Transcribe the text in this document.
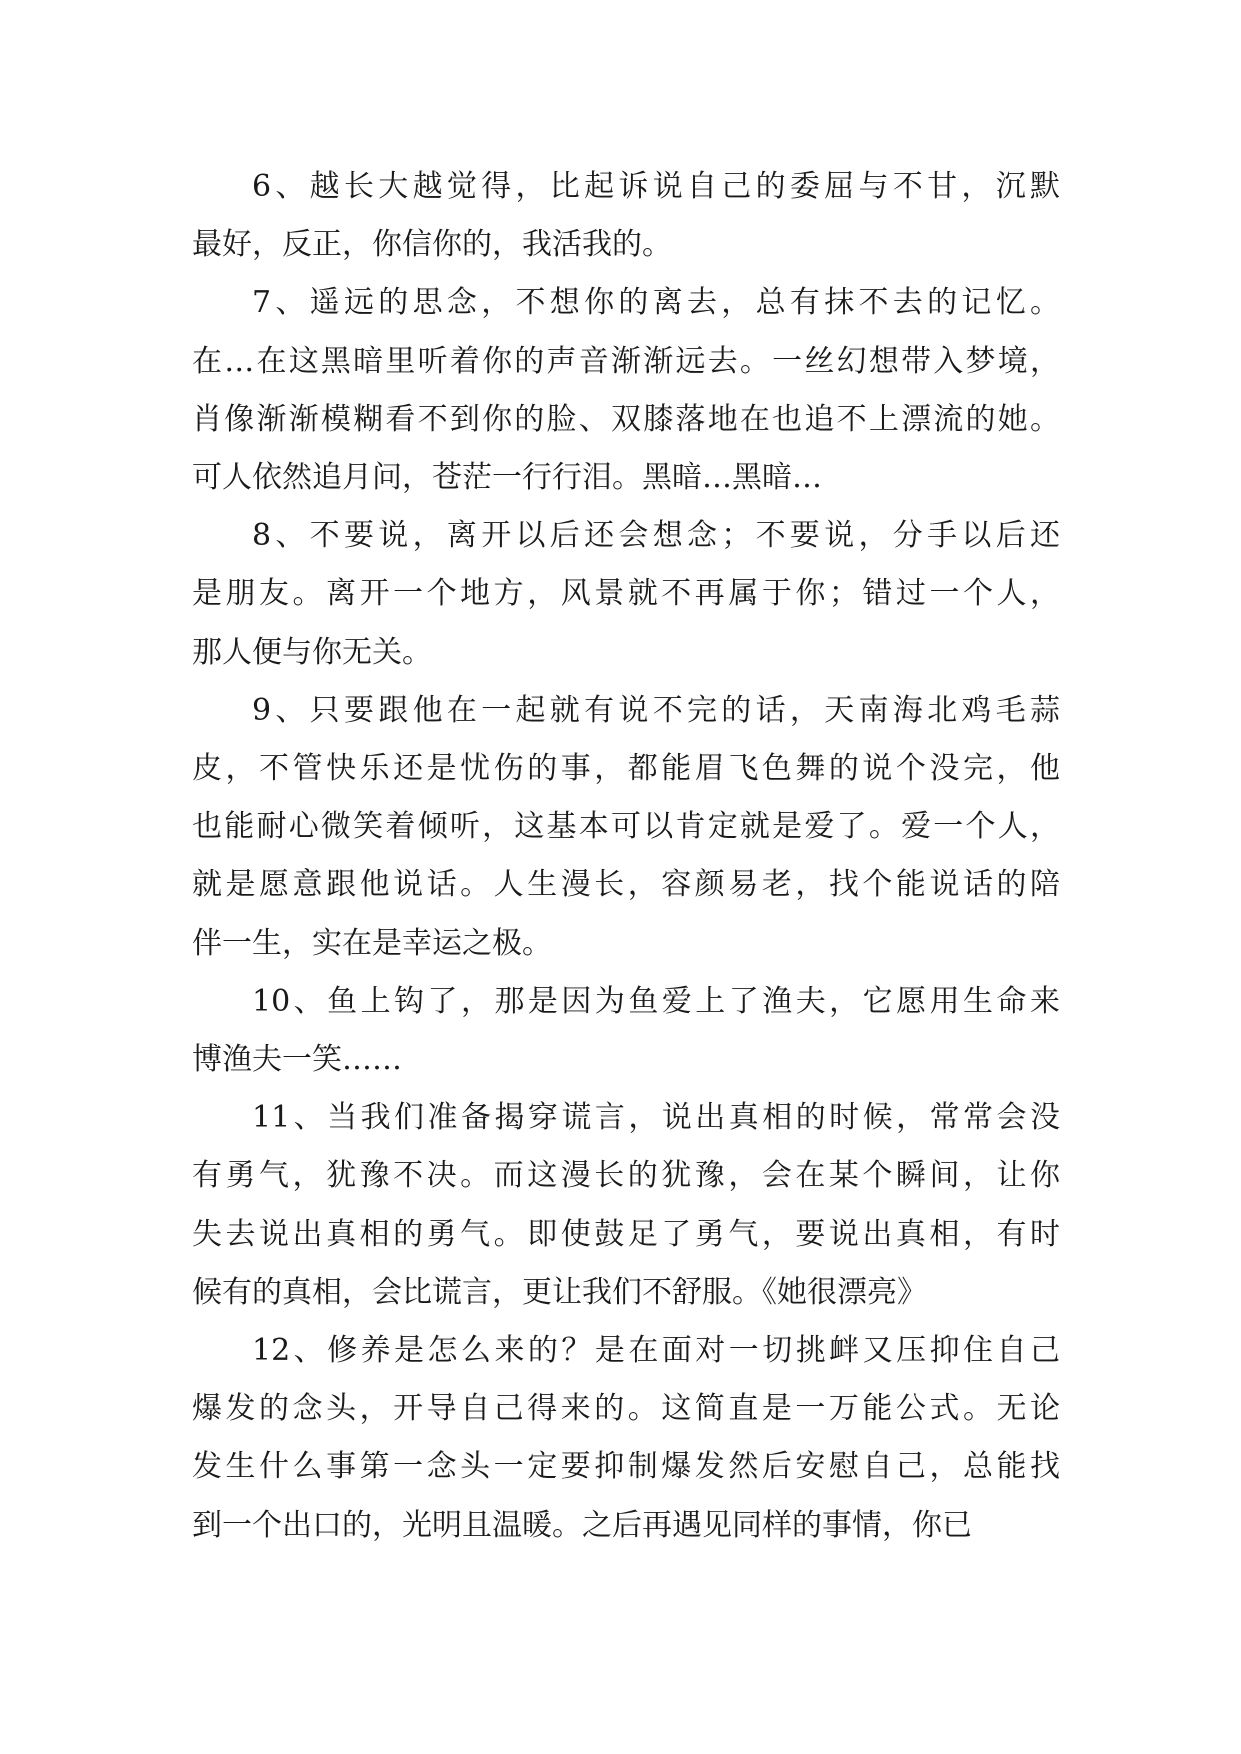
6、越长大越觉得，比起诉说自己的委屈与不甘，沉默
最好，反正，你信你的，我活我的。
7、遥远的思念，不想你的离去，总有抹不去的记忆。
在…在这黑暗里听着你的声音渐渐远去。一丝幻想带入梦境，
肖像渐渐模糊看不到你的脸、双膝落地在也追不上漂流的她。
可人依然追月问，苍茫一行行泪。黑暗…黑暗…
8、不要说，离开以后还会想念；不要说，分手以后还
是朋友。离开一个地方，风景就不再属于你；错过一个人，
那人便与你无关。
9、只要跟他在一起就有说不完的话，天南海北鸡毛蒜
皮，不管快乐还是忧伤的事，都能眉飞色舞的说个没完，他
也能耐心微笑着倾听，这基本可以肯定就是爱了。爱一个人，
就是愿意跟他说话。人生漫长，容颜易老，找个能说话的陪
伴一生，实在是幸运之极。
10、鱼上钩了，那是因为鱼爱上了渔夫，它愿用生命来
博渔夫一笑……
11、当我们准备揭穿谎言，说出真相的时候，常常会没
有勇气，犹豫不决。而这漫长的犹豫，会在某个瞬间，让你
失去说出真相的勇气。即使鼓足了勇气，要说出真相，有时
候有的真相，会比谎言，更让我们不舒服。《她很漂亮》
12、修养是怎么来的？是在面对一切挑衅又压抑住自己
爆发的念头，开导自己得来的。这简直是一万能公式。无论
发生什么事第一念头一定要抑制爆发然后安慰自己，总能找
到一个出口的，光明且温暖。之后再遇见同样的事情，你已
